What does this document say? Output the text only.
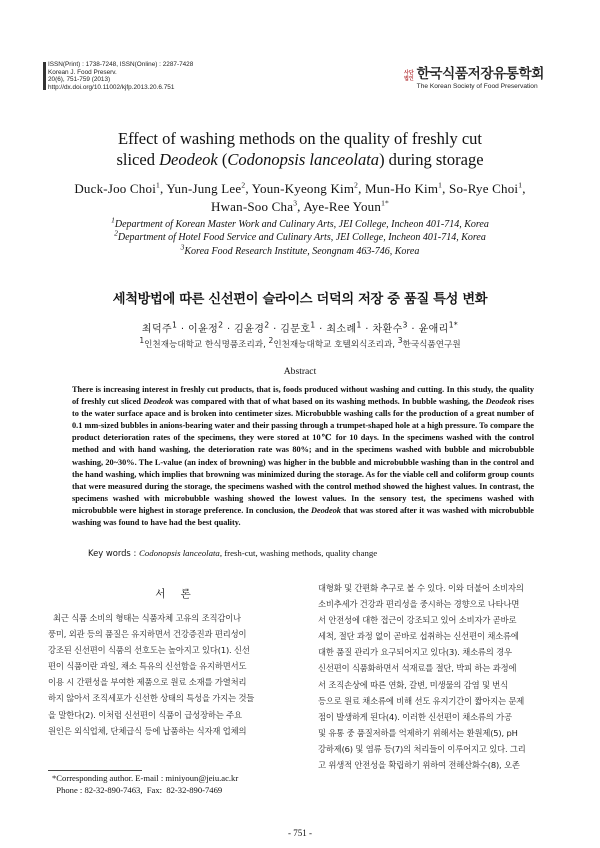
ISSN(Print) : 1738-7248, ISSN(Online) : 2287-7428
Korean J. Food Preserv.
20(6), 751-759 (2013)
http://dx.doi.org/10.11002/kjfp.2013.20.6.751
사단
법인 한국식품저장유통학회
The Korean Society of Food Preservation
Effect of washing methods on the quality of freshly cut
sliced Deodeok (Codonopsis lanceolata) during storage
Duck-Joo Choi$^1$, Yun-Jung Lee$^2$, Youn-Kyeong Kim$^2$, Mun-Ho Kim$^1$, So-Rye Choi$^1$,
Hwan-Soo Cha$^3$, Aye-Ree Youn$^{1*}$
$^1$Department of Korean Master Work and Culinary Arts, JEI College, Incheon 401-714, Korea
$^2$Department of Hotel Food Service and Culinary Arts, JEI College, Incheon 401-714, Korea
$^3$Korea Food Research Institute, Seongnam 463-746, Korea
세척방법에 따른 신선편이 슬라이스 더덕의 저장 중 품질 특성 변화
최덕주$^1$ · 이윤정$^2$ · 김윤경$^2$ · 김문호$^1$ · 최소례$^1$ · 차환수$^3$ · 윤애리$^{1*}$
$^1$인천재능대학교 한식명품조리과, $^2$인천재능대학교 호텔외식조리과, $^3$한국식품연구원
Abstract
There is increasing interest in freshly cut products, that is, foods produced without washing and cutting. In this study, the quality of freshly cut sliced Deodeok was compared with that of what based on its washing methods. In bubble washing, the Deodeok rises to the water surface apace and is broken into centimeter sizes. Microbubble washing calls for the production of a great number of 0.1 mm-sized bubbles in anions-bearing water and their passing through a trumpet-shaped hole at a high pressure. To compare the product deterioration rates of the specimens, they were stored at 10℃ for 10 days. In the specimens washed with the control method and with hand washing, the deterioration rate was 80%; and in the specimens washed with bubble and microbubble washing, 20~30%. The L-value (an index of browning) was higher in the bubble and microbubble washing than in the control and the hand washing, which implies that browning was minimized during the storage. As for the viable cell and coliform group counts that were measured during the storage, the specimens washed with the control method showed the highest values. In contrast, the specimens washed with microbubble washing showed the lowest values. In the sensory test, the specimens washed with microbubble were highest in storage preference. In conclusion, the Deodeok that was stored after it was washed with microbubble washing was found to have had the best quality.
Key words : Codonopsis lanceolata, fresh-cut, washing methods, quality change
서 론
최근 식품 소비의 형태는 식품자체 고유의 조직감이나
풍미, 외관 등의 품질은 유지하면서 건강증진과 편리성이
강조된 신선편이 식품의 선호도는 높아지고 있다(1). 신선
편이 식품이란 과일, 채소 특유의 신선함을 유지하면서도
이용 시 간편성을 부여한 제품으로 원료 소재를 가열처리
하지 않아서 조직세포가 신선한 상태의 특성을 가지는 것들
을 말한다(2). 이처럼 신선편이 식품이 급성장하는 주요
원인은 외식업체, 단체급식 등에 납품하는 식자재 업체의
대형화 및 간편화 추구로 볼 수 있다. 이와 더불어 소비자의
소비추세가 건강과 편리성을 중시하는 경향으로 나타나면
서 안전성에 대한 접근이 강조되고 있어 소비자가 곧바로
세척, 절단 과정 없이 곧바로 섭취하는 신선편이 채소류에
대한 품질 관리가 요구되어지고 있다(3). 채소류의 경우
신선편이 식품화하면서 석재료를 절단, 박피 하는 과정에
서 조직손상에 따른 연화, 갈변, 미생물의 감염 및 번식
등으로 원료 채소류에 비해 선도 유지기간이 짧아지는 문제
점이 발생하게 된다(4). 이러한 신선편이 채소류의 가공
및 유통 중 품질저하를 억제하기 위해서는 환원제(5), pH
강하제(6) 및 염류 등(7)의 처리들이 이루어지고 있다. 그리
고 위생적 안전성을 확립하기 위하여 전해산화수(8), 오존
*Corresponding author. E-mail : miniyoun@jeiu.ac.kr
Phone : 82-32-890-7463,  Fax:  82-32-890-7469
- 751 -
